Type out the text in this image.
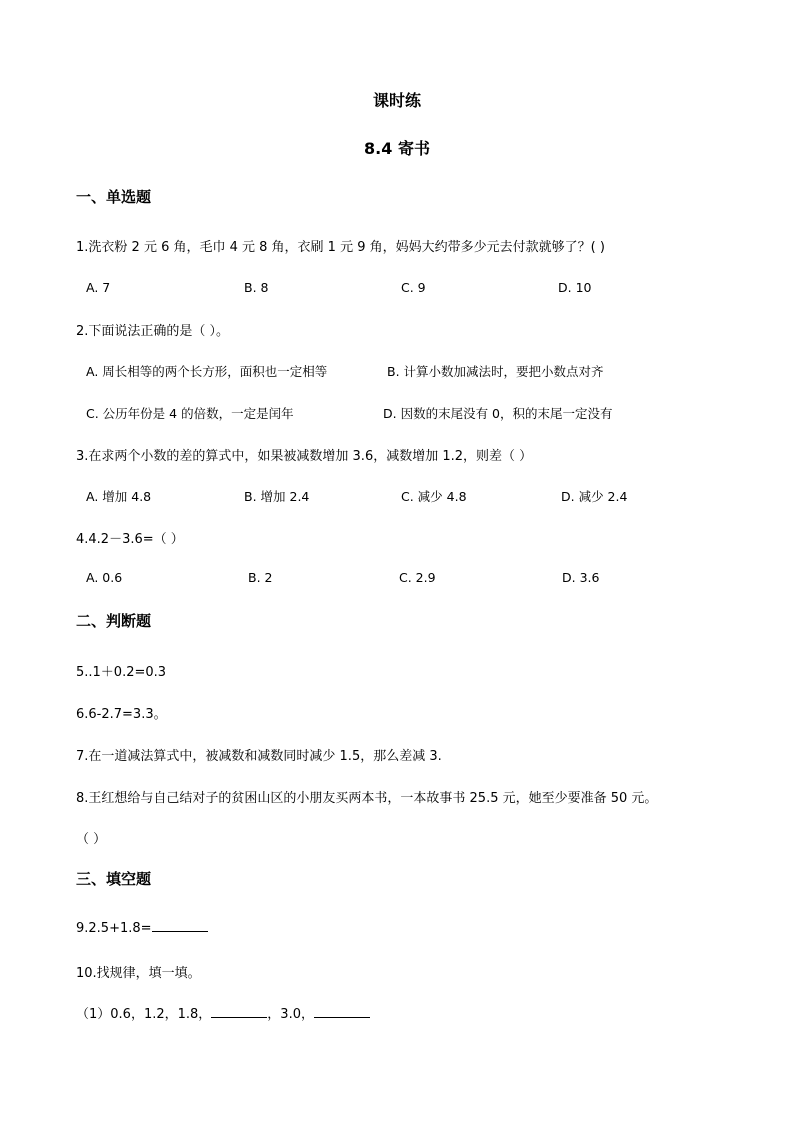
课时练
8.4 寄书
一、单选题
1.洗衣粉 2 元 6 角，毛巾 4 元 8 角，衣刷 1 元 9 角，妈妈大约带多少元去付款就够了？( )
A. 7	B. 8	C. 9	D. 10
2.下面说法正确的是（ ）。
A. 周长相等的两个长方形，面积也一定相等	B. 计算小数加减法时，要把小数点对齐
C. 公历年份是 4 的倍数，一定是闰年	D. 因数的末尾没有 0，积的末尾一定没有
3.在求两个小数的差的算式中，如果被减数增加 3.6，减数增加 1.2，则差（ ）
A. 增加 4.8	B. 增加 2.4	C. 减少 4.8	D. 减少 2.4
4.4.2－3.6=（ ）
A. 0.6	B. 2	C. 2.9	D. 3.6
二、判断题
5..1＋0.2=0.3
6.6-2.7=3.3。
7.在一道减法算式中，被减数和减数同时减少 1.5，那么差减 3.
8.王红想给与自己结对子的贫困山区的小朋友买两本书，一本故事书 25.5 元，她至少要准备 50 元。
（ ）
三、填空题
9.2.5+1.8=
10.找规律，填一填。
（1）0.6，1.2，1.8，	，3.0，
